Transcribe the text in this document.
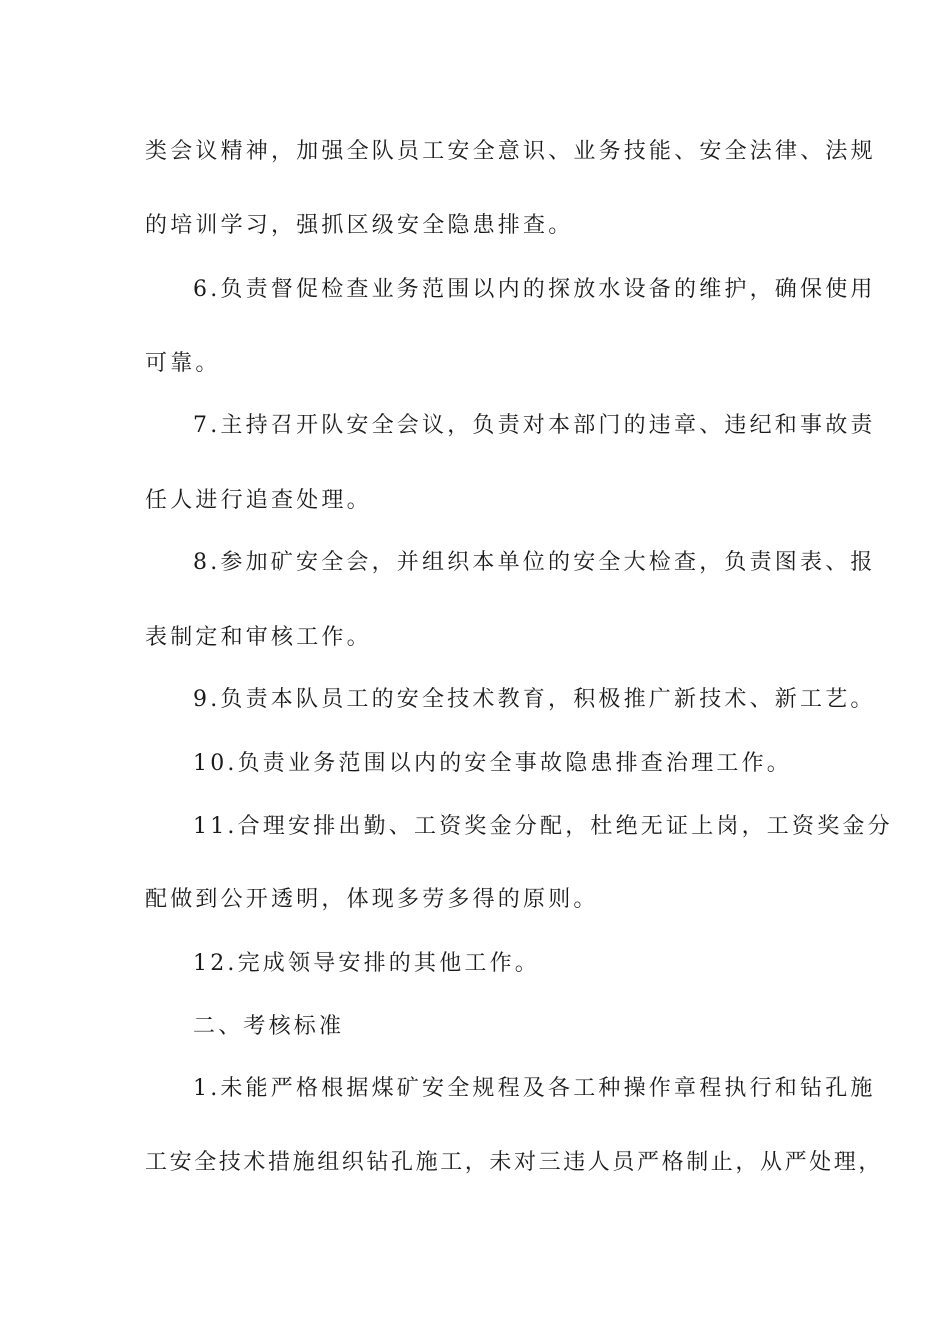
类会议精神，加强全队员工安全意识、业务技能、安全法律、法规
的培训学习，强抓区级安全隐患排查。
6.负责督促检查业务范围以内的探放水设备的维护，确保使用
可靠。
7.主持召开队安全会议，负责对本部门的违章、违纪和事故责
任人进行追查处理。
8.参加矿安全会，并组织本单位的安全大检查，负责图表、报
表制定和审核工作。
9.负责本队员工的安全技术教育，积极推广新技术、新工艺。
10.负责业务范围以内的安全事故隐患排查治理工作。
11.合理安排出勤、工资奖金分配，杜绝无证上岗，工资奖金分
配做到公开透明，体现多劳多得的原则。
12.完成领导安排的其他工作。
二、考核标准
1.未能严格根据煤矿安全规程及各工种操作章程执行和钻孔施
工安全技术措施组织钻孔施工，未对三违人员严格制止，从严处理，
